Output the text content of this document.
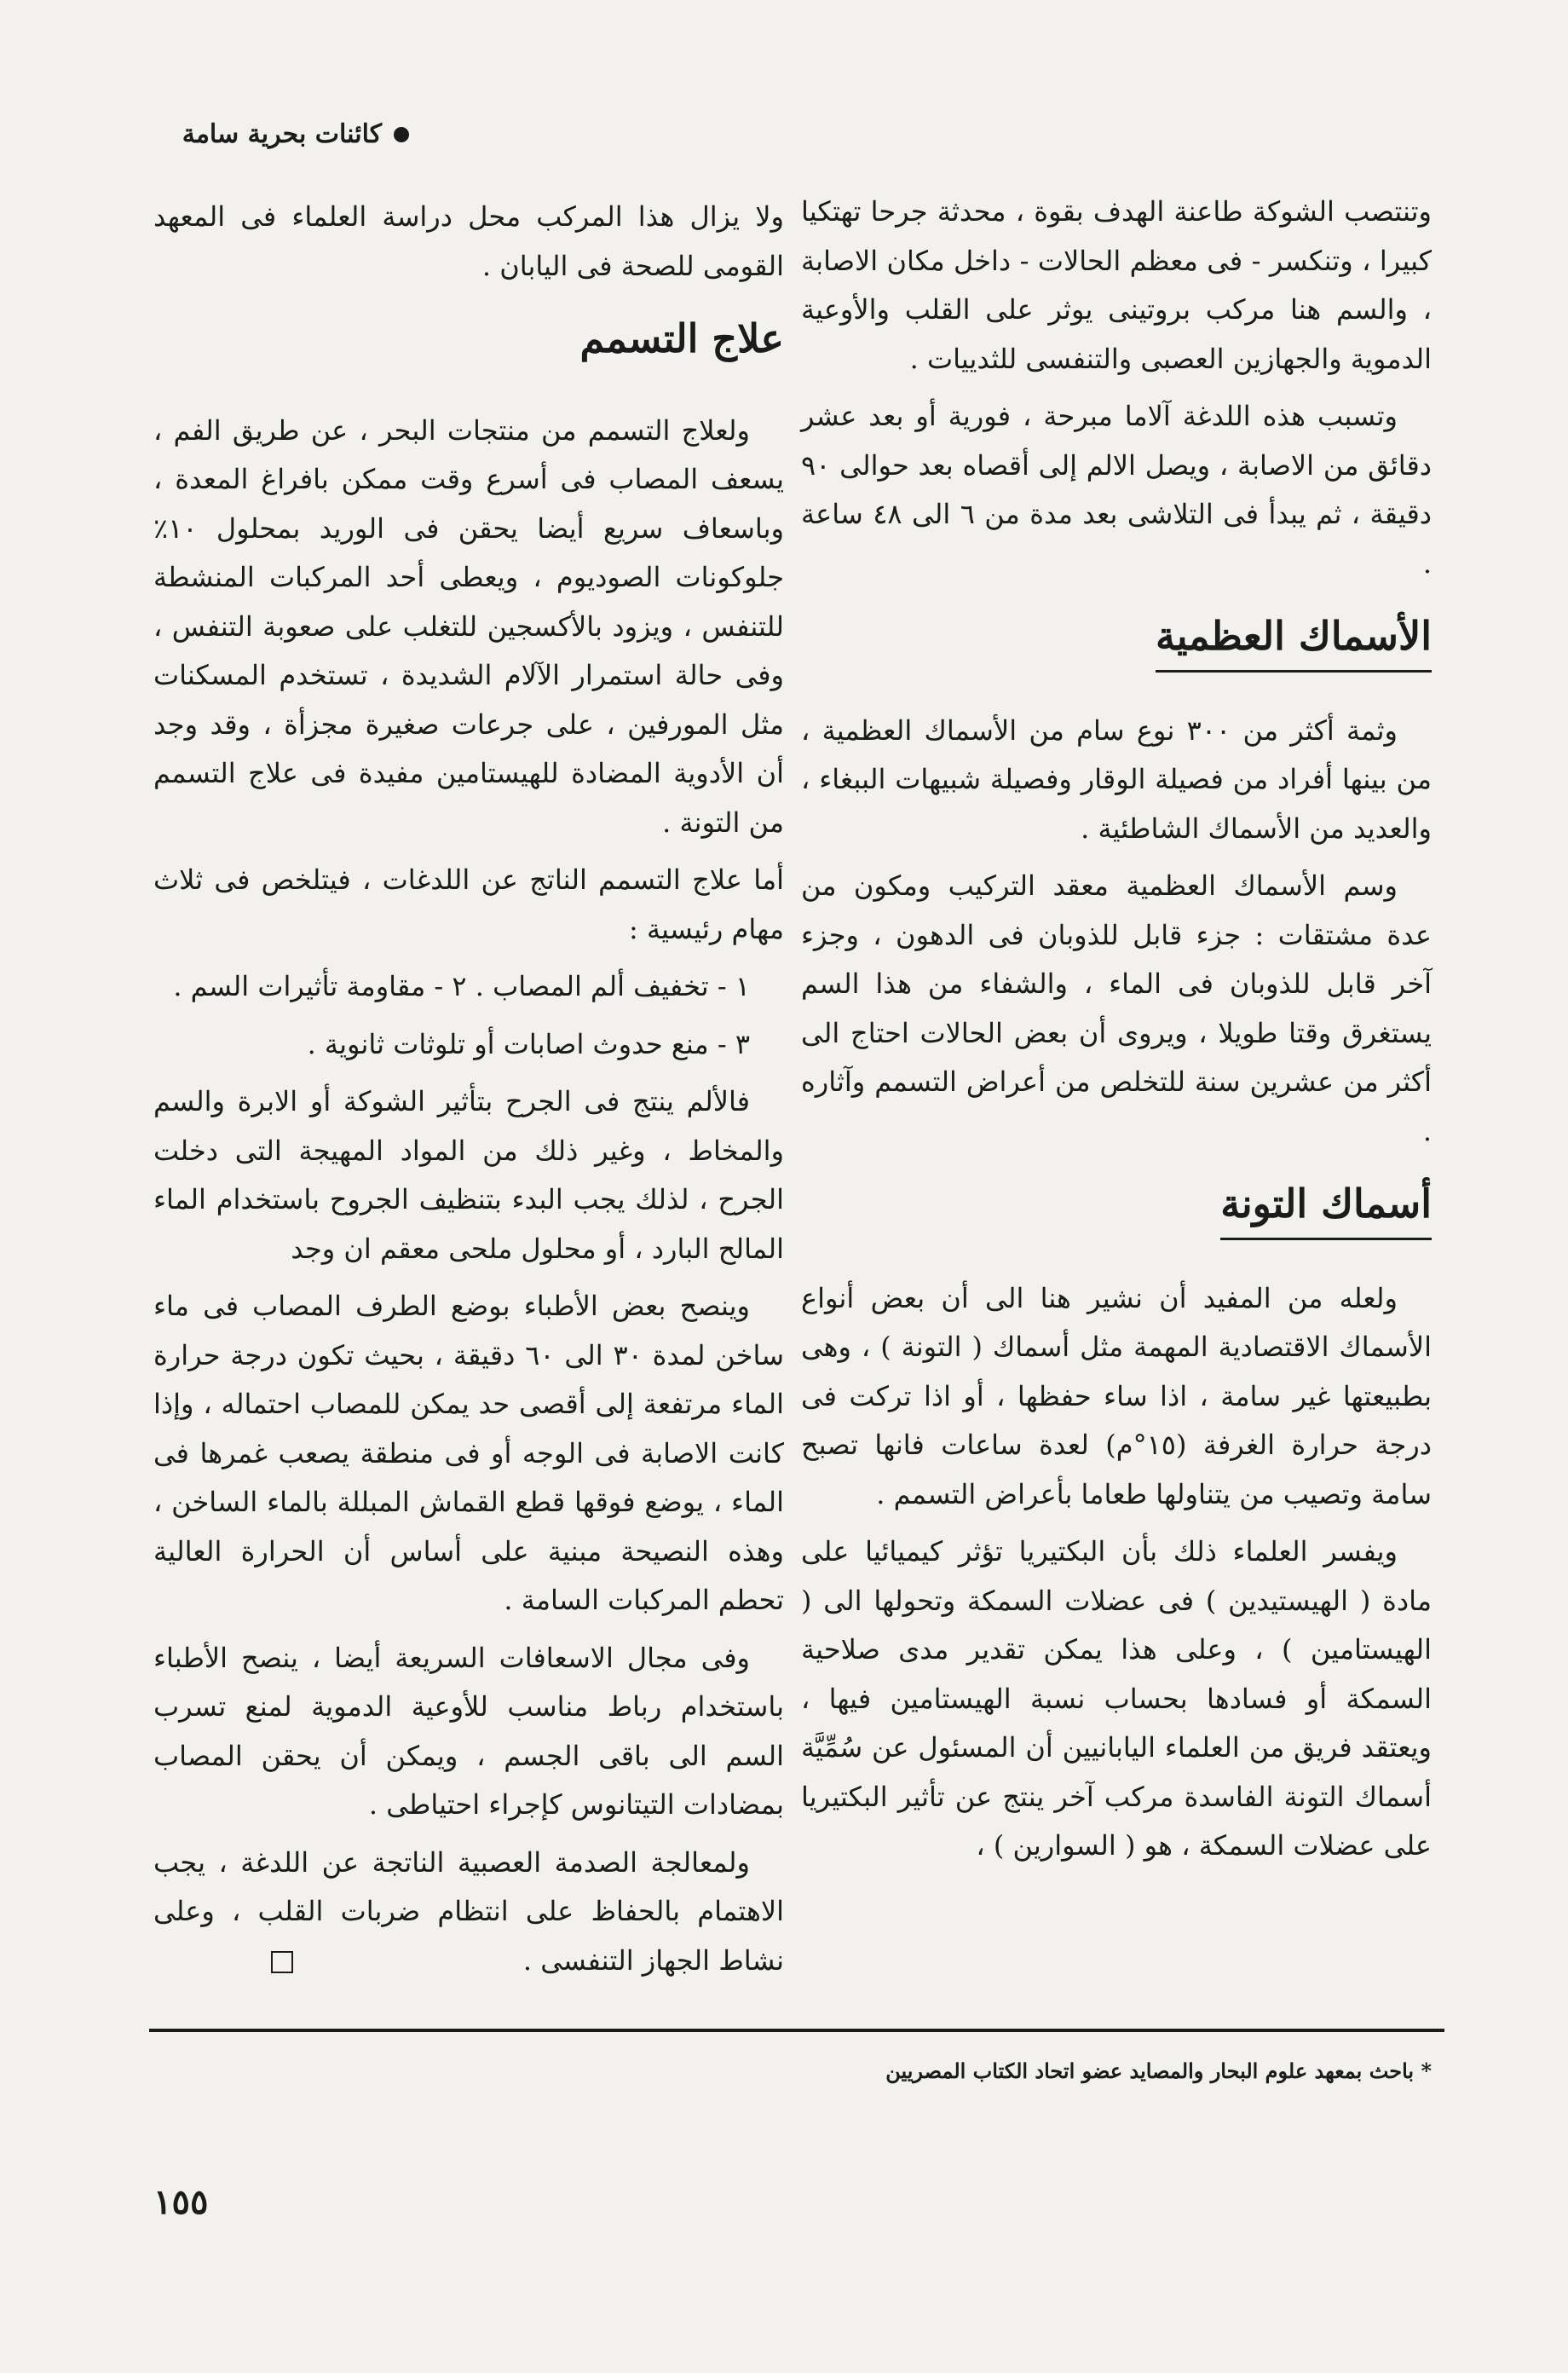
كائنات بحرية سامة

وتنتصب الشوكة طاعنة الهدف بقوة ، محدثة جرحا تهتكيا كبيرا ، وتنكسر - فى معظم الحالات - داخل مكان الاصابة ، والسم هنا مركب بروتينى يوثر على القلب والأوعية الدموية والجهازين العصبى والتنفسى للثدييات .

وتسبب هذه اللدغة آلاما مبرحة ، فورية أو بعد عشر دقائق من الاصابة ، ويصل الالم إلى أقصاه بعد حوالى ٩٠ دقيقة ، ثم يبدأ فى التلاشى بعد مدة من ٦ الى ٤٨ ساعة .

الأسماك العظمية

وثمة أكثر من ٣٠٠ نوع سام من الأسماك العظمية ، من بينها أفراد من فصيلة الوقار وفصيلة شبيهات الببغاء ، والعديد من الأسماك الشاطئية .

وسم الأسماك العظمية معقد التركيب ومكون من عدة مشتقات : جزء قابل للذوبان فى الدهون ، وجزء آخر قابل للذوبان فى الماء ، والشفاء من هذا السم يستغرق وقتا طويلا ، ويروى أن بعض الحالات احتاج الى أكثر من عشرين سنة للتخلص من أعراض التسمم وآثاره .

أسماك التونة

ولعله من المفيد أن نشير هنا الى أن بعض أنواع الأسماك الاقتصادية المهمة مثل أسماك ( التونة ) ، وهى بطبيعتها غير سامة ، اذا ساء حفظها ، أو اذا تركت فى درجة حرارة الغرفة (١٥°م) لعدة ساعات فانها تصبح سامة وتصيب من يتناولها طعاما بأعراض التسمم .

ويفسر العلماء ذلك بأن البكتيريا تؤثر كيميائيا على مادة ( الهيستيدين ) فى عضلات السمكة وتحولها الى ( الهيستامين ) ، وعلى هذا يمكن تقدير مدى صلاحية السمكة أو فسادها بحساب نسبة الهيستامين فيها ، ويعتقد فريق من العلماء اليابانيين أن المسئول عن سُمِّيَّة أسماك التونة الفاسدة مركب آخر ينتج عن تأثير البكتيريا على عضلات السمكة ، هو ( السوارين ) ،

ولا يزال هذا المركب محل دراسة العلماء فى المعهد القومى للصحة فى اليابان .

علاج التسمم

ولعلاج التسمم من منتجات البحر ، عن طريق الفم ، يسعف المصاب فى أسرع وقت ممكن بافراغ المعدة ، وباسعاف سريع أيضا يحقن فى الوريد بمحلول ١٠٪ جلوكونات الصوديوم ، ويعطى أحد المركبات المنشطة للتنفس ، ويزود بالأكسجين للتغلب على صعوبة التنفس ، وفى حالة استمرار الآلام الشديدة ، تستخدم المسكنات مثل المورفين ، على جرعات صغيرة مجزأة ، وقد وجد أن الأدوية المضادة للهيستامين مفيدة فى علاج التسمم من التونة .

أما علاج التسمم الناتج عن اللدغات ، فيتلخص فى ثلاث مهام رئيسية :

١ - تخفيف ألم المصاب . ٢ - مقاومة تأثيرات السم .

٣ - منع حدوث اصابات أو تلوثات ثانوية .

فالألم ينتج فى الجرح بتأثير الشوكة أو الابرة والسم والمخاط ، وغير ذلك من المواد المهيجة التى دخلت الجرح ، لذلك يجب البدء بتنظيف الجروح باستخدام الماء المالح البارد ، أو محلول ملحى معقم ان وجد

وينصح بعض الأطباء بوضع الطرف المصاب فى ماء ساخن لمدة ٣٠ الى ٦٠ دقيقة ، بحيث تكون درجة حرارة الماء مرتفعة إلى أقصى حد يمكن للمصاب احتماله ، وإذا كانت الاصابة فى الوجه أو فى منطقة يصعب غمرها فى الماء ، يوضع فوقها قطع القماش المبللة بالماء الساخن ، وهذه النصيحة مبنية على أساس أن الحرارة العالية تحطم المركبات السامة .

وفى مجال الاسعافات السريعة أيضا ، ينصح الأطباء باستخدام رباط مناسب للأوعية الدموية لمنع تسرب السم الى باقى الجسم ، ويمكن أن يحقن المصاب بمضادات التيتانوس كإجراء احتياطى .

ولمعالجة الصدمة العصبية الناتجة عن اللدغة ، يجب الاهتمام بالحفاظ على انتظام ضربات القلب ، وعلى نشاط الجهاز التنفسى .

* باحث بمعهد علوم البحار والمصايد عضو اتحاد الكتاب المصريين
١٥٥
